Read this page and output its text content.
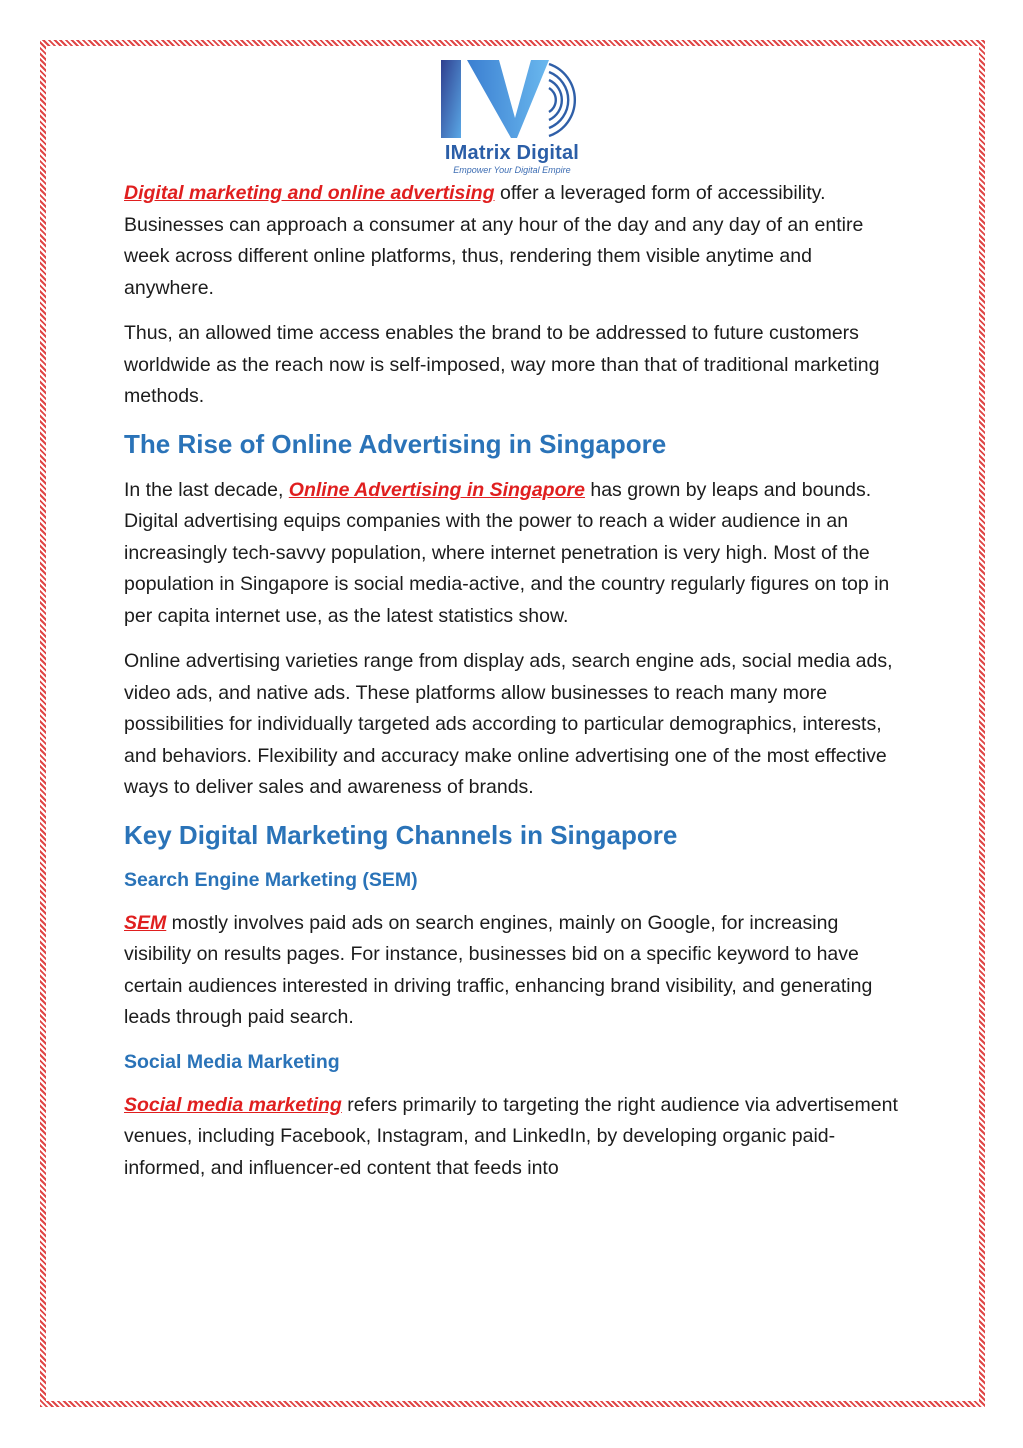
IMatrix Digital
Empower Your Digital Empire

Digital marketing and online advertising offer a leveraged form of accessibility. Businesses can approach a consumer at any hour of the day and any day of an entire week across different online platforms, thus, rendering them visible anytime and anywhere.

Thus, an allowed time access enables the brand to be addressed to future customers worldwide as the reach now is self-imposed, way more than that of traditional marketing methods.

The Rise of Online Advertising in Singapore

In the last decade, Online Advertising in Singapore has grown by leaps and bounds. Digital advertising equips companies with the power to reach a wider audience in an increasingly tech-savvy population, where internet penetration is very high. Most of the population in Singapore is social media-active, and the country regularly figures on top in per capita internet use, as the latest statistics show.

Online advertising varieties range from display ads, search engine ads, social media ads, video ads, and native ads. These platforms allow businesses to reach many more possibilities for individually targeted ads according to particular demographics, interests, and behaviors. Flexibility and accuracy make online advertising one of the most effective ways to deliver sales and awareness of brands.

Key Digital Marketing Channels in Singapore
Search Engine Marketing (SEM)

SEM mostly involves paid ads on search engines, mainly on Google, for increasing visibility on results pages. For instance, businesses bid on a specific keyword to have certain audiences interested in driving traffic, enhancing brand visibility, and generating leads through paid search.

Social Media Marketing

Social media marketing refers primarily to targeting the right audience via advertisement venues, including Facebook, Instagram, and LinkedIn, by developing organic paid-informed, and influencer-ed content that feeds into
